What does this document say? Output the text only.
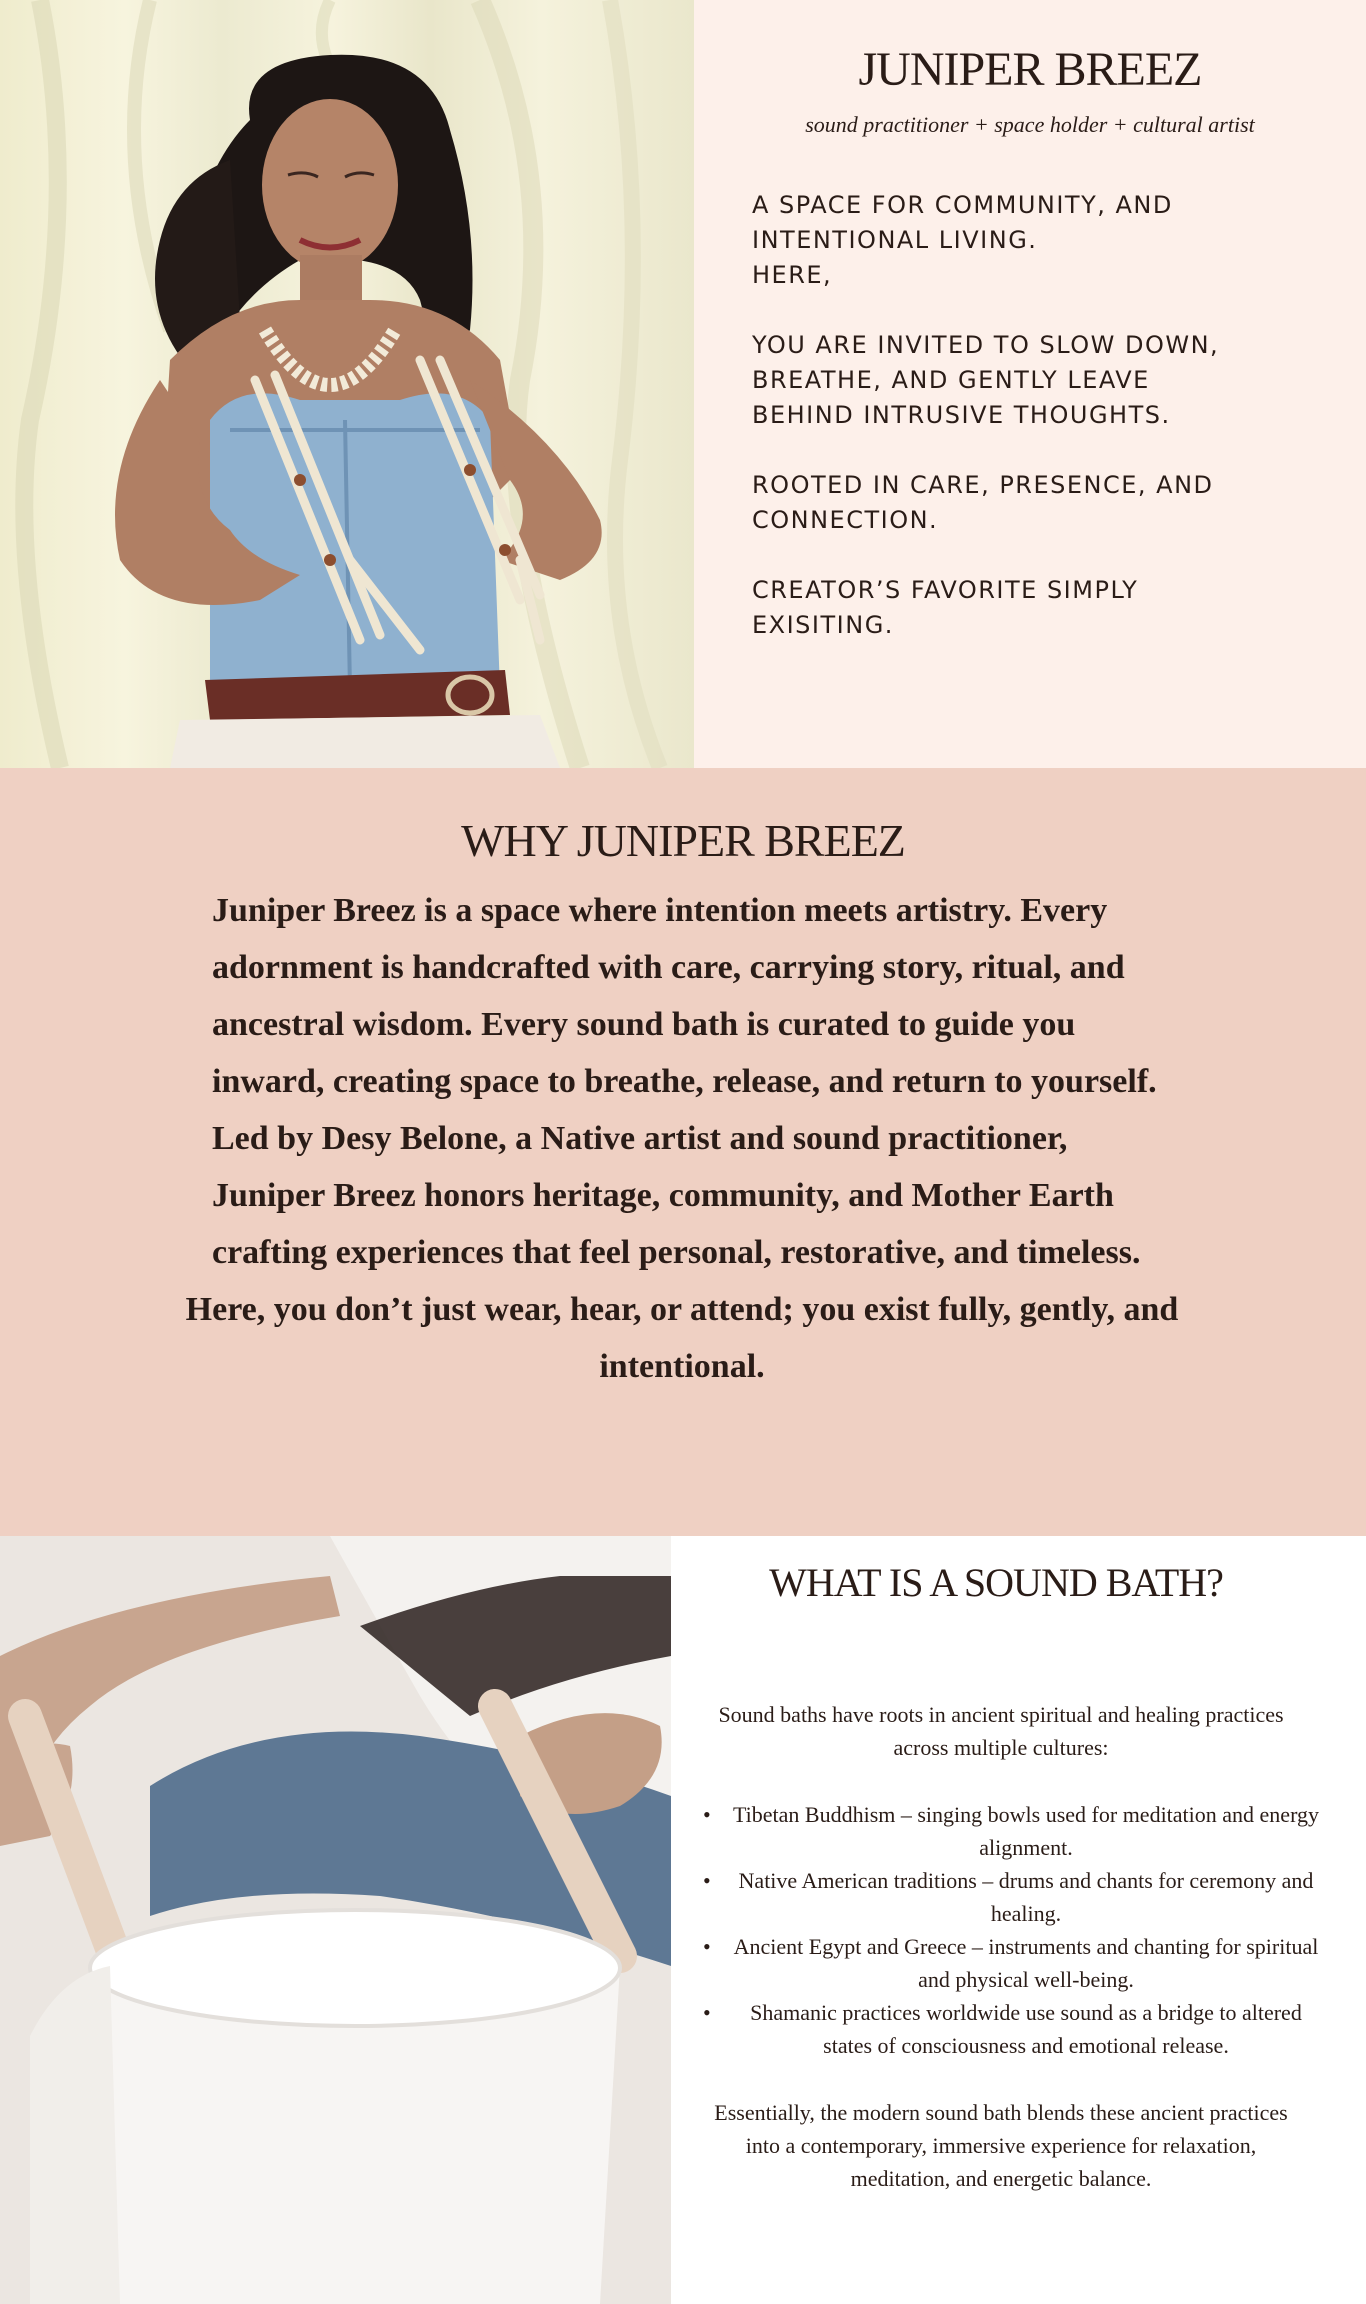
JUNIPER BREEZ

sound practitioner + space holder + cultural artist

A SPACE FOR COMMUNITY, AND
INTENTIONAL LIVING.
HERE,
YOU ARE INVITED TO SLOW DOWN,
BREATHE, AND GENTLY LEAVE
BEHIND INTRUSIVE THOUGHTS.
ROOTED IN CARE, PRESENCE, AND
CONNECTION.
CREATOR’S FAVORITE SIMPLY
EXISITING.
WHY JUNIPER BREEZ

Juniper Breez is a space where intention meets artistry. Every adornment is handcrafted with care, carrying story, ritual, and ancestral wisdom. Every sound bath is curated to guide you inward, creating space to breathe, release, and return to yourself.

Led by Desy Belone, a Native artist and sound practitioner, Juniper Breez honors heritage, community, and Mother Earth crafting experiences that feel personal, restorative, and timeless.

Here, you don’t just wear, hear, or attend; you exist fully, gently, and intentional.

WHAT IS A SOUND BATH?

Sound baths have roots in ancient spiritual and healing practices across multiple cultures:

• Tibetan Buddhism – singing bowls used for meditation and energy alignment.
• Native American traditions – drums and chants for ceremony and healing.
• Ancient Egypt and Greece – instruments and chanting for spiritual and physical well-being.
• Shamanic practices worldwide use sound as a bridge to altered states of consciousness and emotional release.

Essentially, the modern sound bath blends these ancient practices into a contemporary, immersive experience for relaxation, meditation, and energetic balance.
